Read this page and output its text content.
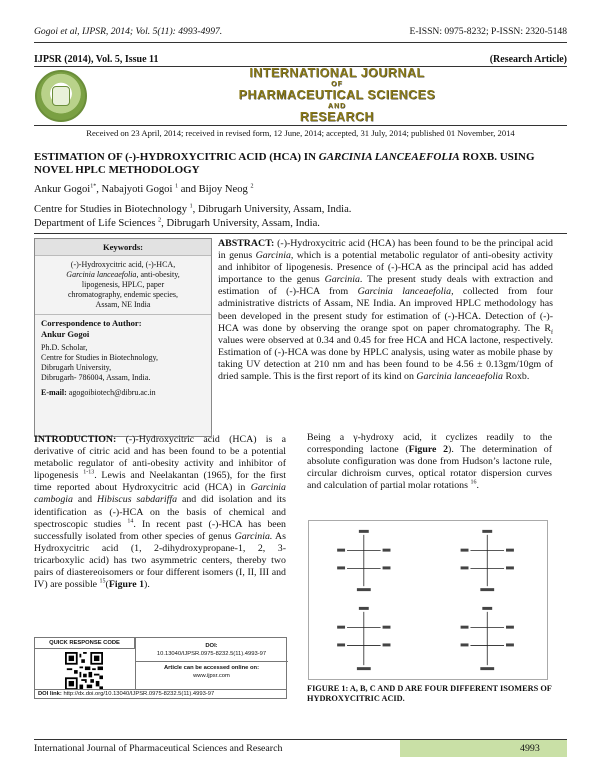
Gogoi et al, IJPSR, 2014; Vol. 5(11): 4993-4997.	E-ISSN: 0975-8232; P-ISSN: 2320-5148
IJPSR (2014), Vol. 5, Issue 11	(Research Article)
INTERNATIONAL JOURNAL
OF
PHARMACEUTICAL SCIENCES
AND
RESEARCH
Received on 23 April, 2014; received in revised form, 12 June, 2014; accepted, 31 July, 2014; published 01 November, 2014
ESTIMATION OF (-)-HYDROXYCITRIC ACID (HCA) IN GARCINIA LANCEAEFOLIA ROXB. USING NOVEL HPLC METHODOLOGY
Ankur Gogoi$^{1*}$, Nabajyoti Gogoi $^1$ and Bijoy Neog $^2$
Centre for Studies in Biotechnology $^1$, Dibrugarh University, Assam, India.
Department of Life Sciences $^2$, Dibrugarh University, Assam, India.
Keywords:
(-)-Hydroxycitric acid, (-)-HCA,
Garcinia lanceaefolia, anti-obesity,
lipogenesis, HPLC, paper
chromatography, endemic species,
Assam, NE India
Correspondence to Author:
Ankur Gogoi
Ph.D. Scholar,
Centre for Studies in Biotechnology,
Dibrugarh University,
Dibrugarh- 786004, Assam, India.
E-mail: agogoibiotech@dibru.ac.in
ABSTRACT: (-)-Hydroxycitric acid (HCA) has been found to be the principal acid in genus Garcinia, which is a potential metabolic regulator of anti-obesity activity and inhibitor of lipogenesis. Presence of (-)-HCA as the principal acid has added importance to the genus Garcinia. The present study deals with extraction and estimation of (-)-HCA from Garcinia lanceaefolia, collected from four administrative districts of Assam, NE India. An improved HPLC methodology has been developed in the present study for estimation of (-)-HCA. Detection of (-)-HCA was done by observing the orange spot on paper chromatography. The $R_f$ values were observed at 0.34 and 0.45 for free HCA and HCA lactone, respectively. Estimation of (-)-HCA was done by HPLC analysis, using water as mobile phase by taking UV detection at 210 nm and has been found to be 4.56 ± 0.13gm/10gm of dried sample. This is the first report of its kind on Garcinia lanceaefolia Roxb.
INTRODUCTION: (-)-Hydroxycitric acid (HCA) is a derivative of citric acid and has been found to be a potential metabolic regulator of anti-obesity activity and inhibitor of lipogenesis $^{1-13}$. Lewis and Neelakantan (1965), for the first time reported about Hydroxycitric acid (HCA) in Garcinia cambogia and Hibiscus sabdariffa and did isolation and its identification as (-)-HCA on the basis of chemical and spectroscopic studies $^{14}$. In recent past (-)-HCA has been successfully isolated from other species of genus Garcinia. As Hydroxycitric acid (1, 2-dihydroxypropane-1, 2, 3-tricarboxylic acid) has two asymmetric centers, thereby two pairs of diastereoisomers or four different isomers (I, II, III and IV) are possible $^{15}$(Figure 1).
Being a γ-hydroxy acid, it cyclizes readily to the corresponding lactone (Figure 2). The determination of absolute configuration was done from Hudson’s lactone rule, circular dichroism curves, optical rotator dispersion curves and calculation of partial molar rotations $^{16}$.
QUICK RESPONSE CODE	DOI:
10.13040/IJPSR.0975-8232.5(11).4993-97
Article can be accessed online on:
www.ijpsr.com
DOI link: http://dx.doi.org/10.13040/IJPSR.0975-8232.5(11).4993-97
FIGURE 1: A, B, C AND D ARE FOUR DIFFERENT ISOMERS OF HYDROXYCITRIC ACID.
International Journal of Pharmaceutical Sciences and Research	4993
